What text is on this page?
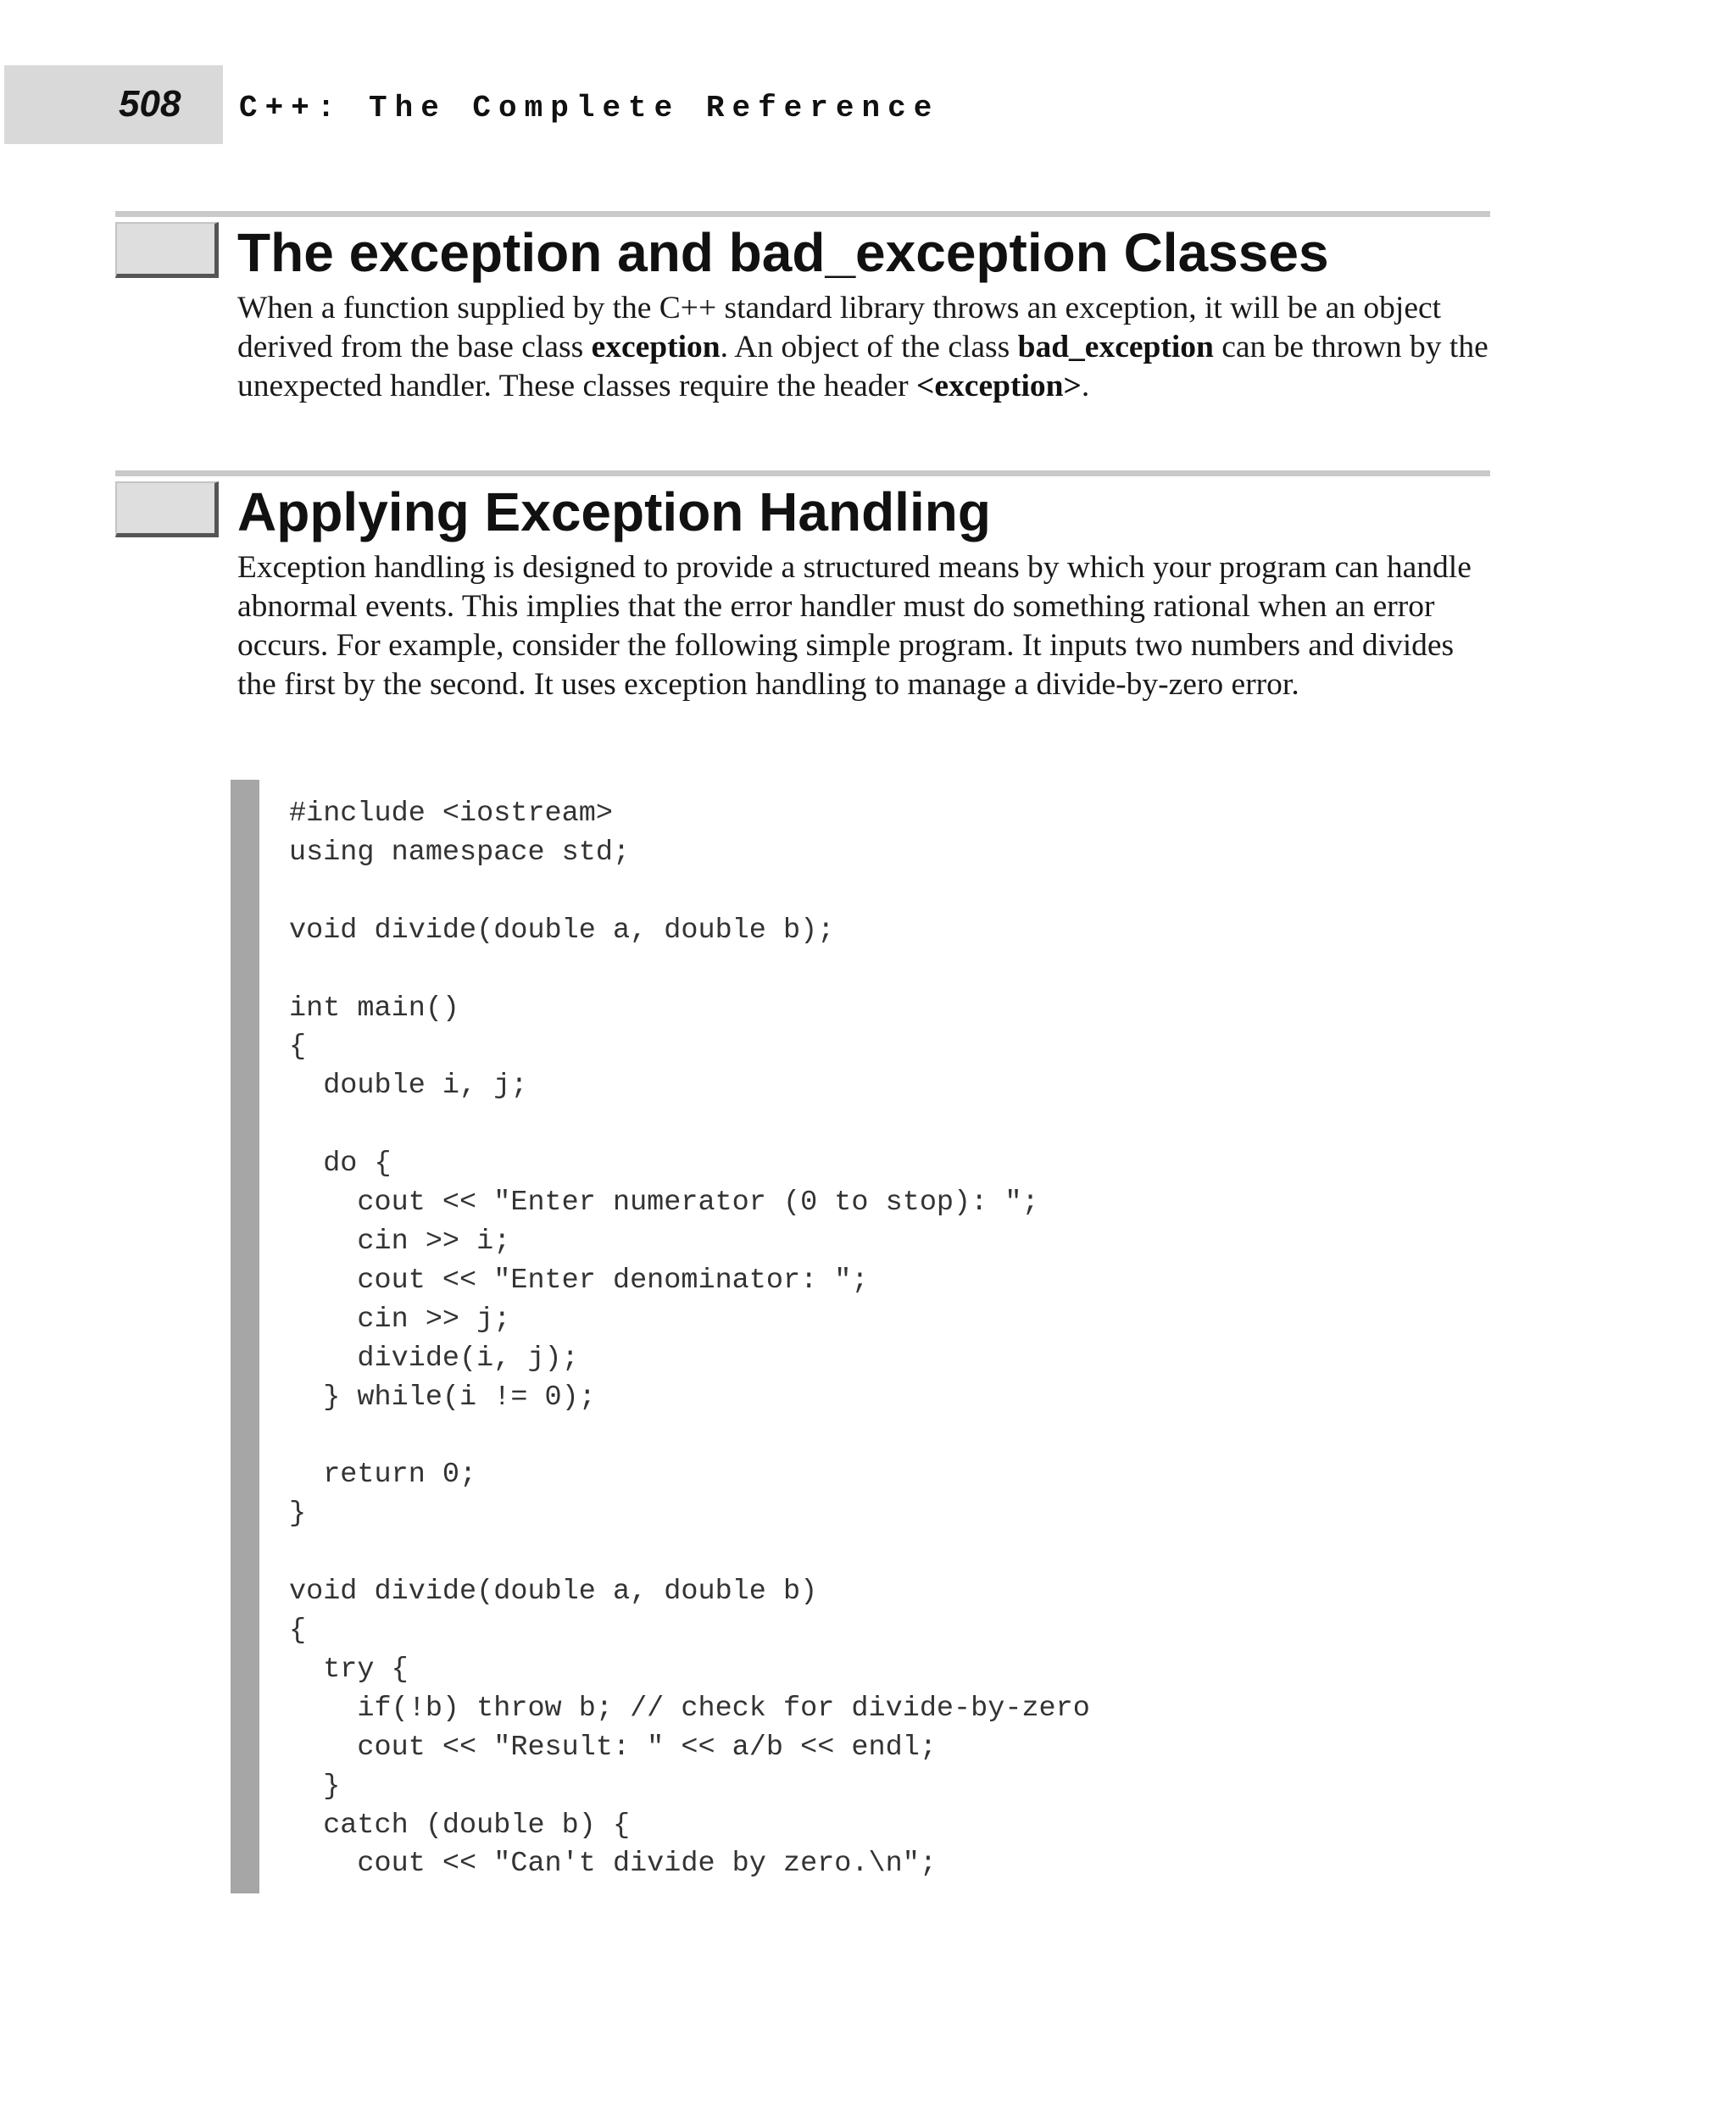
508 C++: The Complete Reference
The exception and bad_exception Classes

When a function supplied by the C++ standard library throws an exception, it will be an object derived from the base class exception. An object of the class bad_exception can be thrown by the unexpected handler. These classes require the header <exception>.

Applying Exception Handling

Exception handling is designed to provide a structured means by which your program can handle abnormal events. This implies that the error handler must do something rational when an error occurs. For example, consider the following simple program. It inputs two numbers and divides the first by the second. It uses exception handling to manage a divide-by-zero error.

#include <iostream>
using namespace std;

void divide(double a, double b);

int main()
{
double i, j;

do {
cout << "Enter numerator (0 to stop): ";
cin >> i;
cout << "Enter denominator: ";
cin >> j;
divide(i, j);
} while(i != 0);

return 0;
}

void divide(double a, double b)
{
try {
if(!b) throw b; // check for divide-by-zero
cout << "Result: " << a/b << endl;
}
catch (double b) {
cout << "Can't divide by zero.\n";
